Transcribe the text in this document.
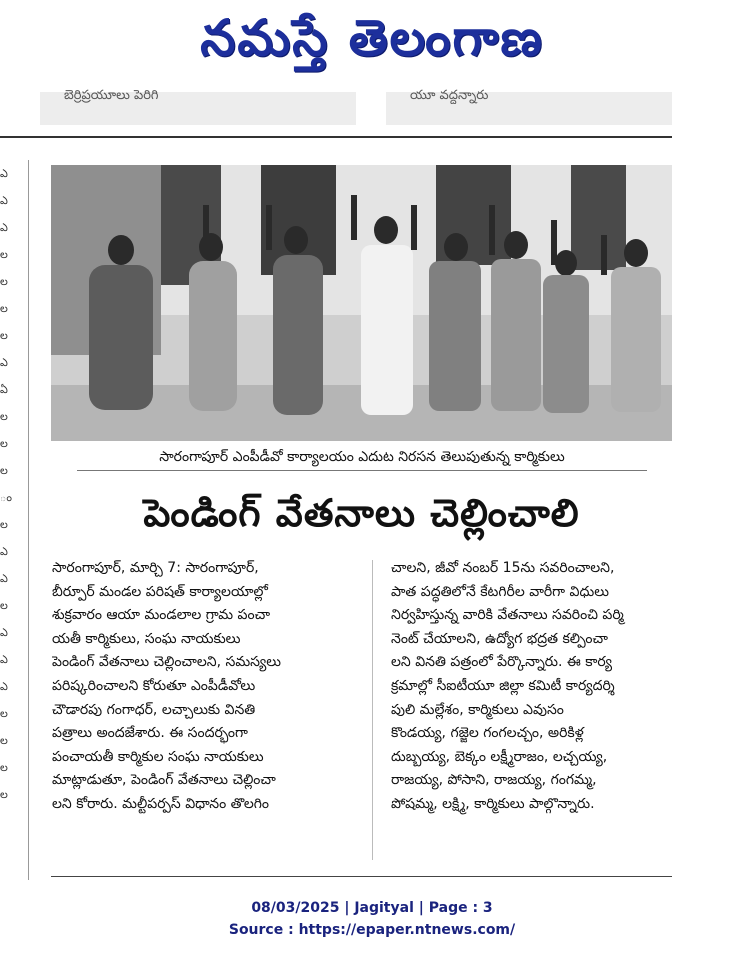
నమస్తే తెలంగాణ
బెర్రిప్రయూలు పెరిగి	యూ వద్దన్నారు
ఎ
ఎ
ఎ
ల
ల
ల
ల
ఎ
ఏ
ల
ల
ల
ం
ల
ఎ
ఎ
ల
ఎ
ఎ
ఎ
ల
ల
ల
ల
సారంగాపూర్ ఎంపీడీవో కార్యాలయం ఎదుట నిరసన తెలుపుతున్న కార్మికులు
పెండింగ్ వేతనాలు చెల్లించాలి
సారంగాపూర్, మార్చి 7: సారంగాపూర్,
బీర్పూర్ మండల పరిషత్ కార్యాలయాల్లో
శుక్రవారం ఆయా మండలాల గ్రామ పంచా
యతీ కార్మికులు, సంఘ నాయకులు
పెండింగ్ వేతనాలు చెల్లించాలని, సమస్యలు
పరిష్కరించాలని కోరుతూ ఎంపీడీవోలు
చౌడారపు గంగాధర్, లచ్చాలుకు వినతి
పత్రాలు అందజేశారు. ఈ సందర్భంగా
పంచాయతీ కార్మికుల సంఘ నాయకులు
మాట్లాడుతూ, పెండింగ్ వేతనాలు చెల్లించా
లని కోరారు. మల్టీపర్పస్ విధానం తొలగిం
చాలని, జీవో నంబర్ 15ను సవరించాలని,
పాత పద్ధతిలోనే కేటగిరీల వారీగా విధులు
నిర్వహిస్తున్న వారికి వేతనాలు సవరించి పర్మి
నెంట్ చేయాలని, ఉద్యోగ భద్రత కల్పించా
లని వినతి పత్రంలో పేర్కొన్నారు. ఈ కార్య
క్రమాల్లో సీఐటీయూ జిల్లా కమిటీ కార్యదర్శి
పులి మల్లేశం, కార్మికులు ఎవుసం
కొండయ్య, గజ్జెల గంగలచ్చం, అరికిళ్ల
దుబ్బయ్య, బెక్కం లక్ష్మీరాజం, లచ్చయ్య,
రాజయ్య, పోసాని, రాజయ్య, గంగమ్మ,
పోషమ్మ, లక్ష్మి, కార్మికులు పాల్గొన్నారు.
08/03/2025 | Jagityal | Page : 3
Source : https://epaper.ntnews.com/
